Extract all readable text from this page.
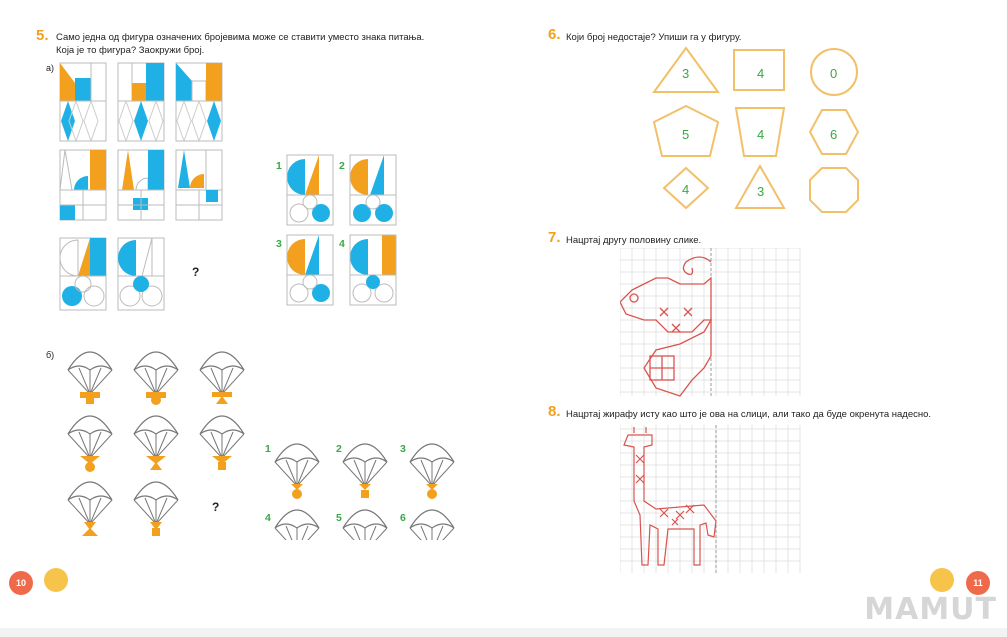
5. Само једна од фигура означених бројевима може се ставити уместо знака питања.
Која је то фигура? Заокружи број.
а)
?
1	2
3	4
б)
?
1	2	3
4	5	6
10
6. Који број недостаје? Упиши га у фигуру.
3	4	0
5	4	6
4	3
7. Нацртај другу половину слике.
8. Нацртај жирафу исту као што је ова на слици, али тако да буде окренута надесно.
11
MAMUT
